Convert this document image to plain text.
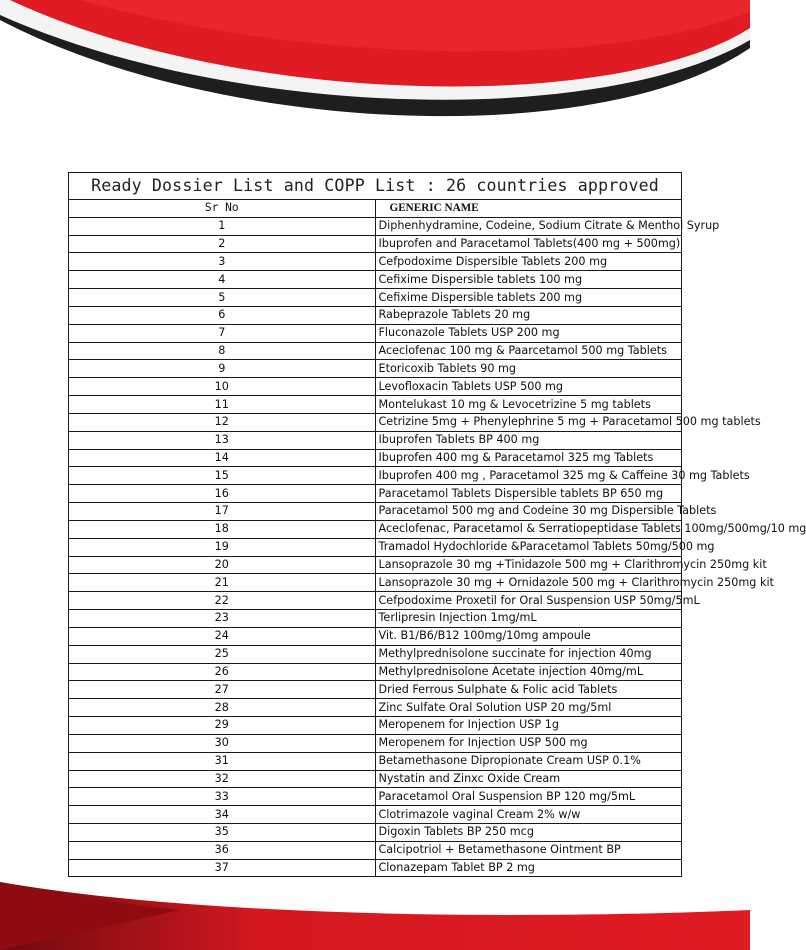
Ready Dossier List and COPP List : 26 countries approved	
Sr No	GENERIC NAME
1	Diphenhydramine, Codeine, Sodium Citrate & Menthol Syrup
2	Ibuprofen and Paracetamol Tablets(400 mg + 500mg)
3	Cefpodoxime Dispersible Tablets 200 mg
4	Cefixime Dispersible tablets 100 mg
5	Cefixime Dispersible tablets 200 mg
6	Rabeprazole Tablets 20 mg
7	Fluconazole Tablets USP 200 mg
8	Aceclofenac 100 mg & Paarcetamol 500 mg Tablets
9	Etoricoxib Tablets 90 mg
10	Levofloxacin Tablets USP 500 mg
11	Montelukast 10 mg & Levocetrizine 5 mg tablets
12	Cetrizine 5mg + Phenylephrine 5 mg + Paracetamol 500 mg tablets
13	Ibuprofen Tablets BP 400 mg
14	Ibuprofen 400 mg & Paracetamol 325 mg Tablets
15	Ibuprofen 400 mg , Paracetamol 325 mg & Caffeine 30 mg Tablets
16	Paracetamol Tablets Dispersible tablets BP 650 mg
17	Paracetamol 500 mg and Codeine 30 mg Dispersible Tablets
18	Aceclofenac, Paracetamol & Serratiopeptidase Tablets 100mg/500mg/10 mg
19	Tramadol Hydochloride &Paracetamol Tablets 50mg/500 mg
20	Lansoprazole 30 mg +Tinidazole 500 mg + Clarithromycin 250mg kit
21	Lansoprazole 30 mg + Ornidazole 500 mg + Clarithromycin 250mg kit
22	Cefpodoxime Proxetil for Oral Suspension USP 50mg/5mL
23	Terlipresin Injection 1mg/mL
24	Vit. B1/B6/B12 100mg/10mg ampoule
25	Methylprednisolone succinate for injection 40mg
26	Methylprednisolone Acetate injection 40mg/mL
27	Dried Ferrous Sulphate & Folic acid Tablets
28	Zinc Sulfate Oral Solution USP 20 mg/5ml
29	Meropenem for Injection USP 1g
30	Meropenem for Injection USP 500 mg
31	Betamethasone Dipropionate Cream USP 0.1%
32	Nystatin and Zinxc Oxide Cream
33	Paracetamol Oral Suspension BP 120 mg/5mL
34	Clotrimazole vaginal Cream 2% w/w
35	Digoxin Tablets BP 250 mcg
36	Calcipotriol + Betamethasone Ointment BP
37	Clonazepam Tablet BP 2 mg
